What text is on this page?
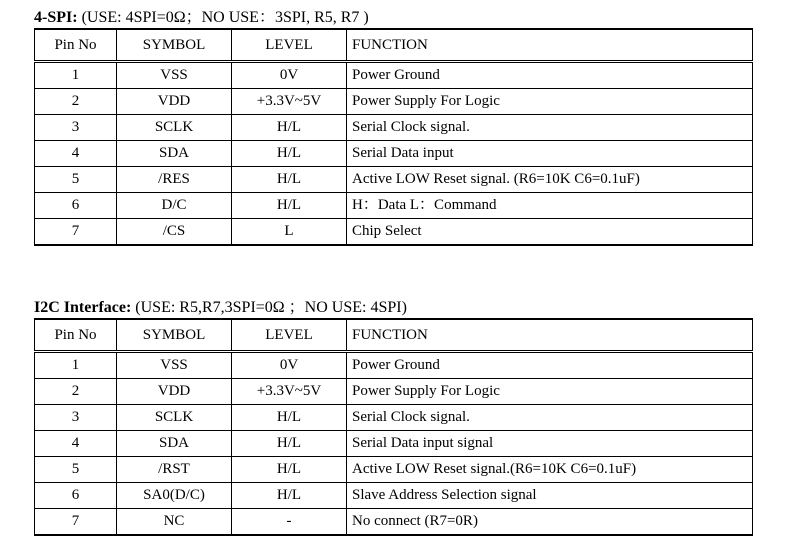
4-SPI: (USE: 4SPI=0Ω；NO USE：3SPI, R5, R7 )
Pin No	SYMBOL	LEVEL	FUNCTION
1	VSS	0V	Power Ground
2	VDD	+3.3V~5V	Power Supply For Logic
3	SCLK	H/L	Serial Clock signal.
4	SDA	H/L	Serial Data input
5	/RES	H/L	Active LOW Reset signal. (R6=10K C6=0.1uF)
6	D/C	H/L	H：Data L：Command
7	/CS	L	Chip Select
I2C Interface: (USE: R5,R7,3SPI=0Ω ；NO USE: 4SPI)
Pin No	SYMBOL	LEVEL	FUNCTION
1	VSS	0V	Power Ground
2	VDD	+3.3V~5V	Power Supply For Logic
3	SCLK	H/L	Serial Clock signal.
4	SDA	H/L	Serial Data input signal
5	/RST	H/L	Active LOW Reset signal.(R6=10K C6=0.1uF)
6	SA0(D/C)	H/L	Slave Address Selection signal
7	NC	-	No connect (R7=0R)
